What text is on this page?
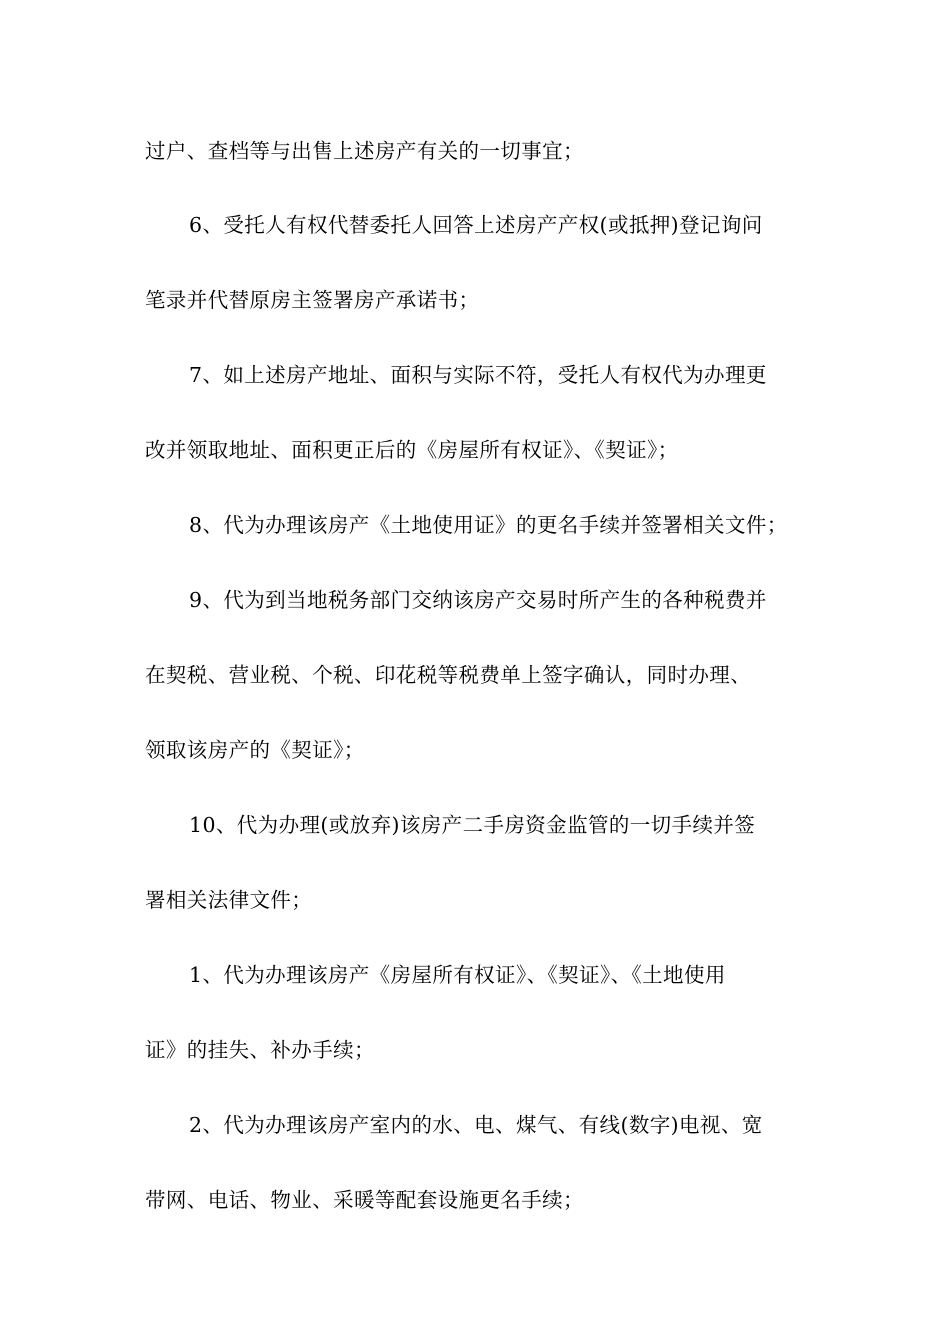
过户、查档等与出售上述房产有关的一切事宜；
6、受托人有权代替委托人回答上述房产产权(或抵押)登记询问
笔录并代替原房主签署房产承诺书；
7、如上述房产地址、面积与实际不符，受托人有权代为办理更
改并领取地址、面积更正后的《房屋所有权证》、《契证》；
8、代为办理该房产《土地使用证》的更名手续并签署相关文件；
9、代为到当地税务部门交纳该房产交易时所产生的各种税费并
在契税、营业税、个税、印花税等税费单上签字确认，同时办理、
领取该房产的《契证》；
10、代为办理(或放弃)该房产二手房资金监管的一切手续并签
署相关法律文件；
1、代为办理该房产《房屋所有权证》、《契证》、《土地使用
证》的挂失、补办手续；
2、代为办理该房产室内的水、电、煤气、有线(数字)电视、宽
带网、电话、物业、采暖等配套设施更名手续；
